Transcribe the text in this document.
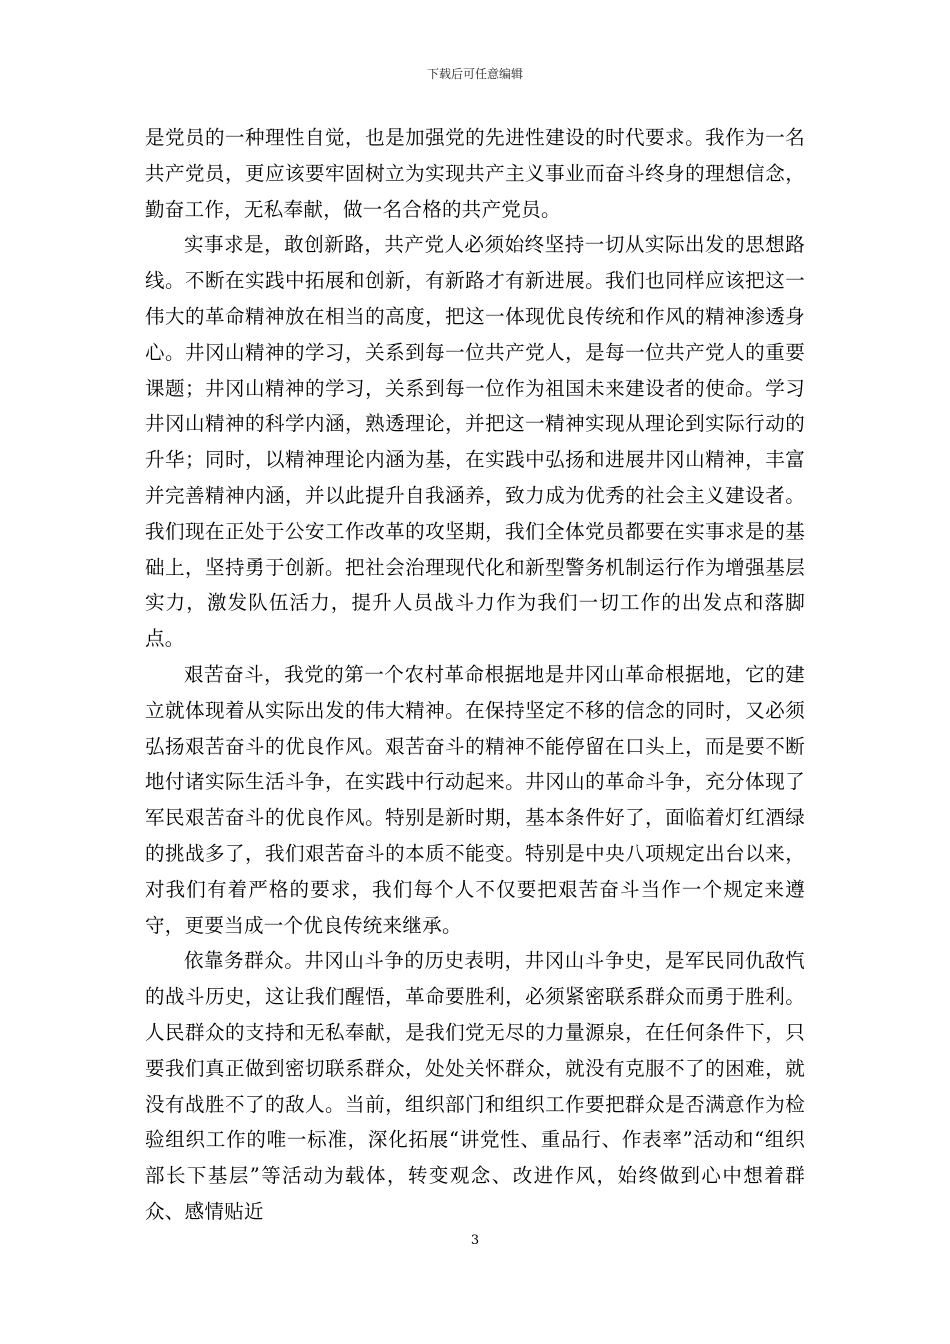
下载后可任意编辑

是党员的一种理性自觉，也是加强党的先进性建设的时代要求。我作为一名共产党员，更应该要牢固树立为实现共产主义事业而奋斗终身的理想信念，勤奋工作，无私奉献，做一名合格的共产党员。

实事求是，敢创新路，共产党人必须始终坚持一切从实际出发的思想路线。不断在实践中拓展和创新，有新路才有新进展。我们也同样应该把这一伟大的革命精神放在相当的高度，把这一体现优良传统和作风的精神渗透身心。井冈山精神的学习，关系到每一位共产党人，是每一位共产党人的重要课题；井冈山精神的学习，关系到每一位作为祖国未来建设者的使命。学习井冈山精神的科学内涵，熟透理论，并把这一精神实现从理论到实际行动的升华；同时，以精神理论内涵为基，在实践中弘扬和进展井冈山精神，丰富并完善精神内涵，并以此提升自我涵养，致力成为优秀的社会主义建设者。我们现在正处于公安工作改革的攻坚期，我们全体党员都要在实事求是的基础上，坚持勇于创新。把社会治理现代化和新型警务机制运行作为增强基层实力，激发队伍活力，提升人员战斗力作为我们一切工作的出发点和落脚点。

艰苦奋斗，我党的第一个农村革命根据地是井冈山革命根据地，它的建立就体现着从实际出发的伟大精神。在保持坚定不移的信念的同时，又必须弘扬艰苦奋斗的优良作风。艰苦奋斗的精神不能停留在口头上，而是要不断地付诸实际生活斗争，在实践中行动起来。井冈山的革命斗争，充分体现了军民艰苦奋斗的优良作风。特别是新时期，基本条件好了，面临着灯红酒绿的挑战多了，我们艰苦奋斗的本质不能变。特别是中央八项规定出台以来，对我们有着严格的要求，我们每个人不仅要把艰苦奋斗当作一个规定来遵守，更要当成一个优良传统来继承。

依靠务群众。井冈山斗争的历史表明，井冈山斗争史，是军民同仇敌忾的战斗历史，这让我们醒悟，革命要胜利，必须紧密联系群众而勇于胜利。人民群众的支持和无私奉献，是我们党无尽的力量源泉，在任何条件下，只要我们真正做到密切联系群众，处处关怀群众，就没有克服不了的困难，就没有战胜不了的敌人。当前，组织部门和组织工作要把群众是否满意作为检验组织工作的唯一标准，深化拓展“讲党性、重品行、作表率”活动和“组织部长下基层”等活动为载体，转变观念、改进作风，始终做到心中想着群众、感情贴近

3
